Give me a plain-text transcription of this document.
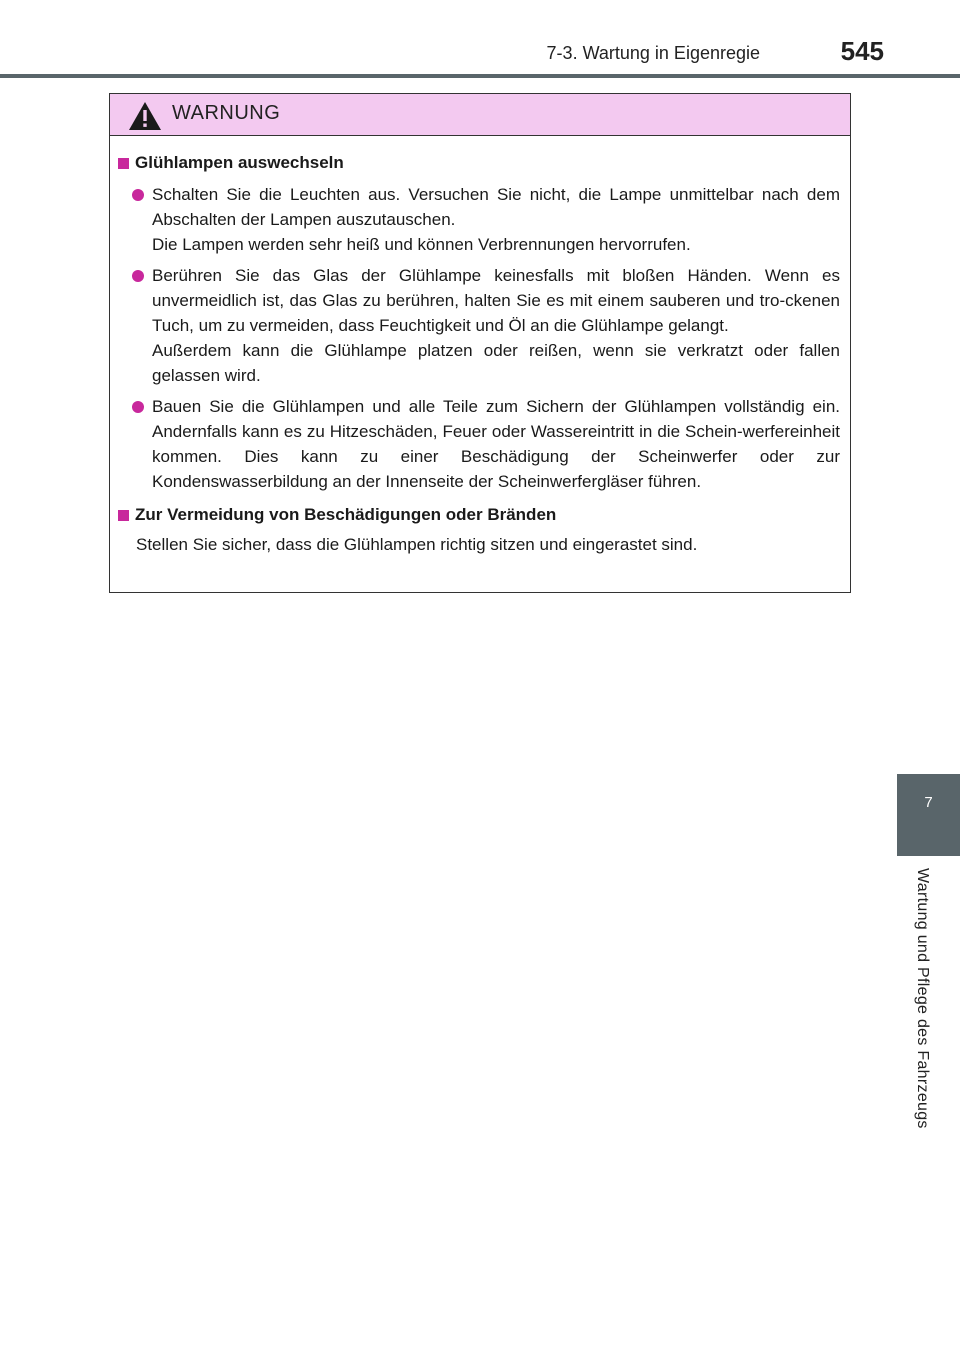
7-3. Wartung in Eigenregie	545
WARNUNG

Glühlampen auswechseln

Schalten Sie die Leuchten aus. Versuchen Sie nicht, die Lampe unmittelbar nach dem Abschalten der Lampen auszutauschen.
Die Lampen werden sehr heiß und können Verbrennungen hervorrufen.

Berühren Sie das Glas der Glühlampe keinesfalls mit bloßen Händen. Wenn es unvermeidlich ist, das Glas zu berühren, halten Sie es mit einem sauberen und tro-ckenen Tuch, um zu vermeiden, dass Feuchtigkeit und Öl an die Glühlampe gelangt.
Außerdem kann die Glühlampe platzen oder reißen, wenn sie verkratzt oder fallen gelassen wird.

Bauen Sie die Glühlampen und alle Teile zum Sichern der Glühlampen vollständig ein. Andernfalls kann es zu Hitzeschäden, Feuer oder Wassereintritt in die Schein-werfereinheit kommen. Dies kann zu einer Beschädigung der Scheinwerfer oder zur Kondenswasserbildung an der Innenseite der Scheinwerfergläser führen.

Zur Vermeidung von Beschädigungen oder Bränden

Stellen Sie sicher, dass die Glühlampen richtig sitzen und eingerastet sind.

7
Wartung und Pflege des Fahrzeugs
